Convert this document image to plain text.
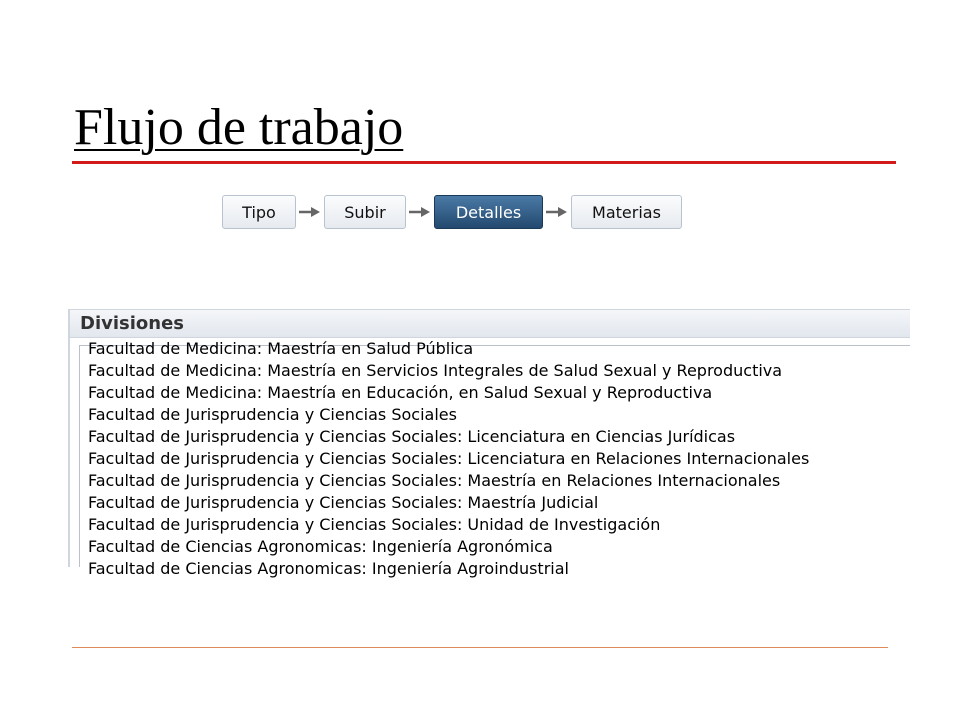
Flujo de trabajo
Tipo	Subir	Detalles	Materias
Divisiones
Facultad de Medicina: Maestría en Salud Pública
Facultad de Medicina: Maestría en Servicios Integrales de Salud Sexual y Reproductiva
Facultad de Medicina: Maestría en Educación, en Salud Sexual y Reproductiva
Facultad de Jurisprudencia y Ciencias Sociales
Facultad de Jurisprudencia y Ciencias Sociales: Licenciatura en Ciencias Jurídicas
Facultad de Jurisprudencia y Ciencias Sociales: Licenciatura en Relaciones Internacionales
Facultad de Jurisprudencia y Ciencias Sociales: Maestría en Relaciones Internacionales
Facultad de Jurisprudencia y Ciencias Sociales: Maestría Judicial
Facultad de Jurisprudencia y Ciencias Sociales: Unidad de Investigación
Facultad de Ciencias Agronomicas: Ingeniería Agronómica
Facultad de Ciencias Agronomicas: Ingeniería Agroindustrial
